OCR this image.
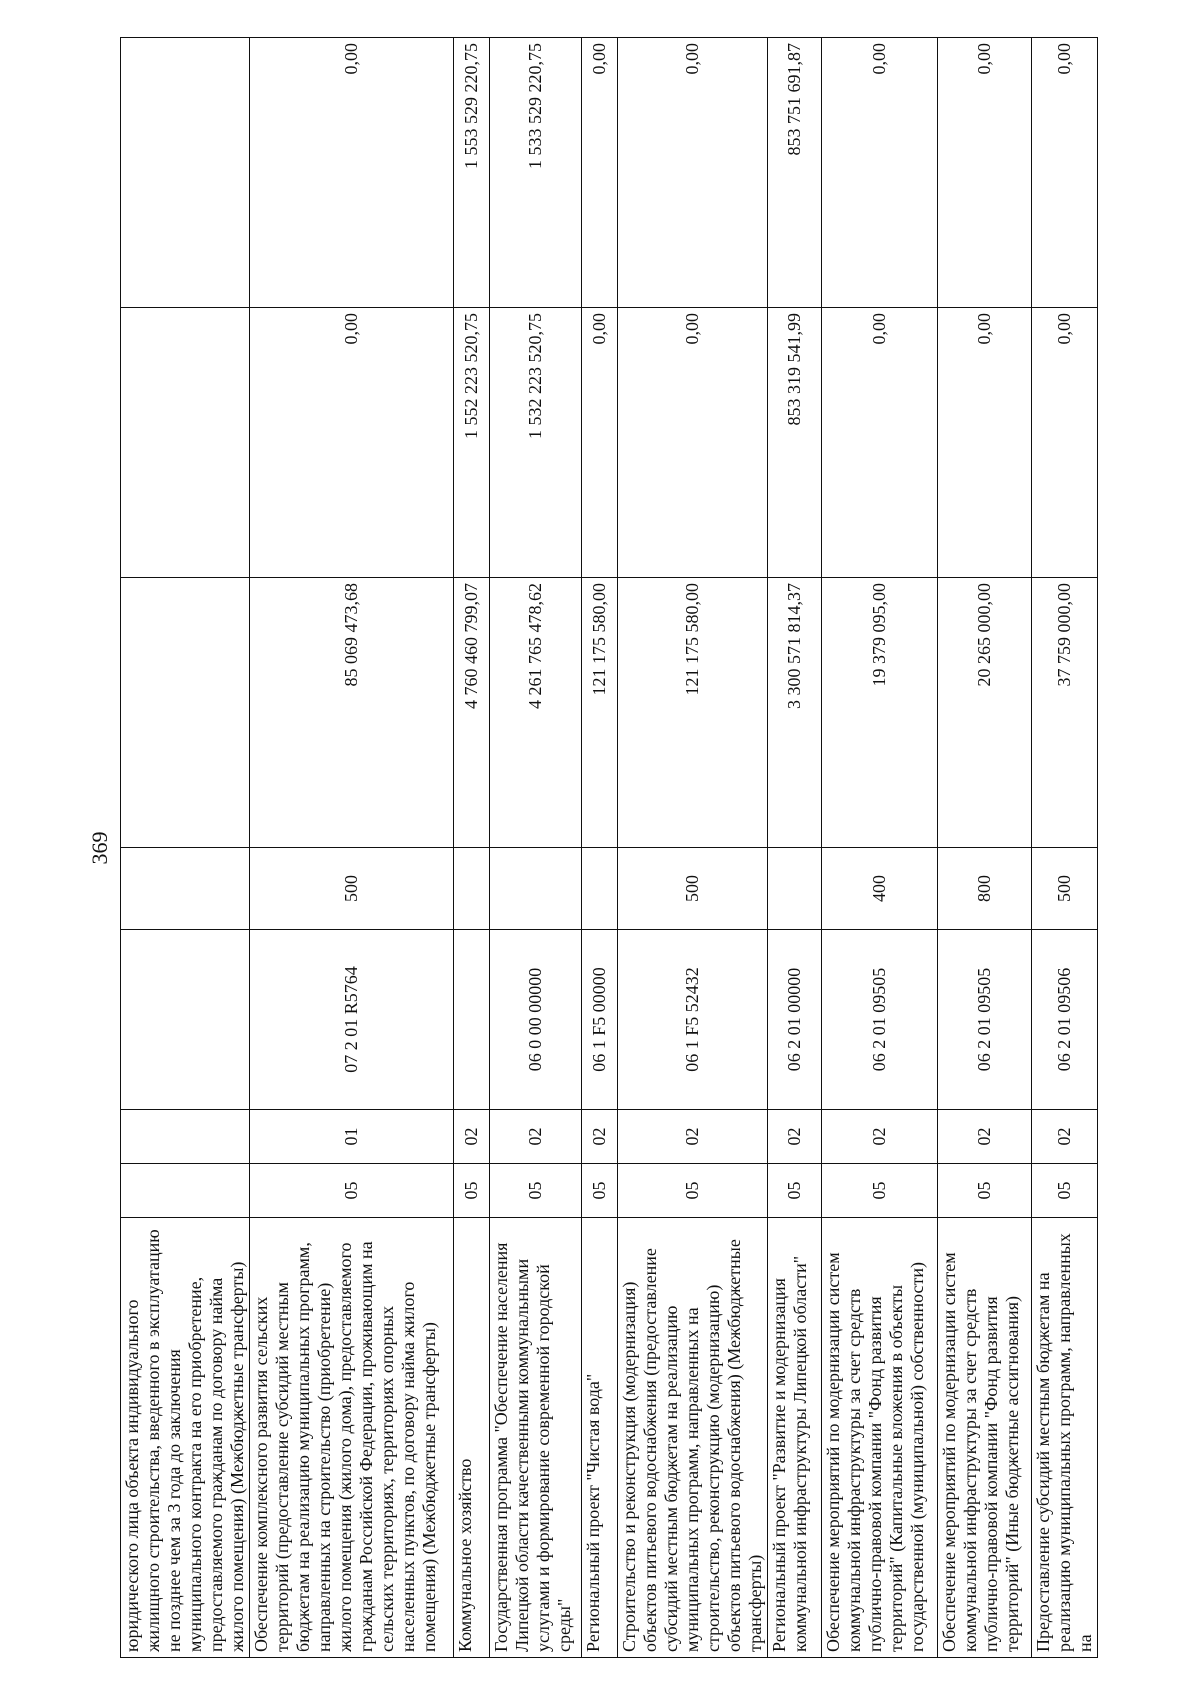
369
юридического лица объекта индивидуального жилищного строительства, введенного в эксплуатацию не позднее чем за 3 года до заключения муниципального контракта на его приобретение, предоставляемого гражданам по договору найма жилого помещения) (Межбюджетные трансферты)							
Обеспечение комплексного развития сельских территорий (предоставление субсидий местным бюджетам на реализацию муниципальных программ, направленных на строительство (приобретение) жилого помещения (жилого дома), предоставляемого гражданам Российской Федерации, проживающим на сельских территориях, территориях опорных населенных пунктов, по договору найма жилого помещения) (Межбюджетные трансферты)	05	01	07 2 01 R5764	500	85 069 473,68	0,00	0,00
Коммунальное хозяйство	05	02			4 760 460 799,07	1 552 223 520,75	1 553 529 220,75
Государственная программа "Обеспечение населения Липецкой области качественными коммунальными услугами и формирование современной городской среды"	05	02	06 0 00 00000		4 261 765 478,62	1 532 223 520,75	1 533 529 220,75
Региональный проект "Чистая вода"	05	02	06 1 F5 00000		121 175 580,00	0,00	0,00
Строительство и реконструкция (модернизация) объектов питьевого водоснабжения (предоставление субсидий местным бюджетам на реализацию муниципальных программ, направленных на строительство, реконструкцию (модернизацию) объектов питьевого водоснабжения) (Межбюджетные трансферты)	05	02	06 1 F5 52432	500	121 175 580,00	0,00	0,00
Региональный проект "Развитие и модернизация коммунальной инфраструктуры Липецкой области"	05	02	06 2 01 00000		3 300 571 814,37	853 319 541,99	853 751 691,87
Обеспечение мероприятий по модернизации систем коммунальной инфраструктуры за счет средств публично-правовой компании "Фонд развития территорий" (Капитальные вложения в объекты государственной (муниципальной) собственности)	05	02	06 2 01 09505	400	19 379 095,00	0,00	0,00
Обеспечение мероприятий по модернизации систем коммунальной инфраструктуры за счет средств публично-правовой компании "Фонд развития территорий" (Иные бюджетные ассигнования)	05	02	06 2 01 09505	800	20 265 000,00	0,00	0,00
Предоставление субсидий местным бюджетам на реализацию муниципальных программ, направленных на	05	02	06 2 01 09506	500	37 759 000,00	0,00	0,00
